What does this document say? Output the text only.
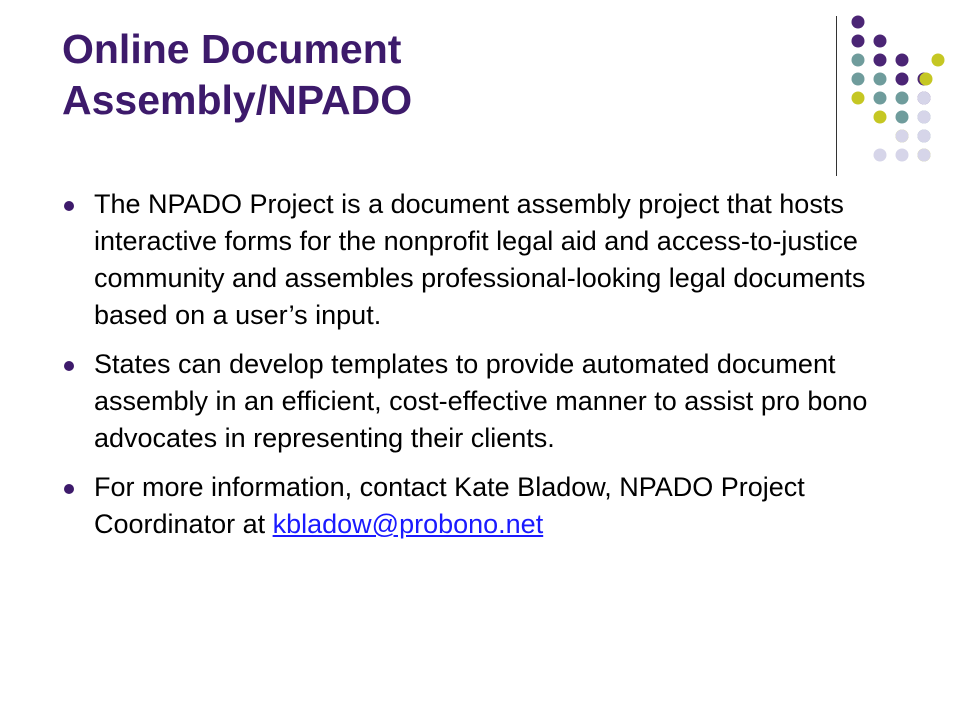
Online Document
Assembly/NPADO
The NPADO Project is a document assembly project that hosts interactive forms for the nonprofit legal aid and access-to-justice community and assembles professional-looking legal documents based on a user’s input.
States can develop templates to provide automated document assembly in an efficient, cost-effective manner to assist pro bono advocates in representing their clients.
For more information, contact Kate Bladow, NPADO Project Coordinator at kbladow@probono.net
